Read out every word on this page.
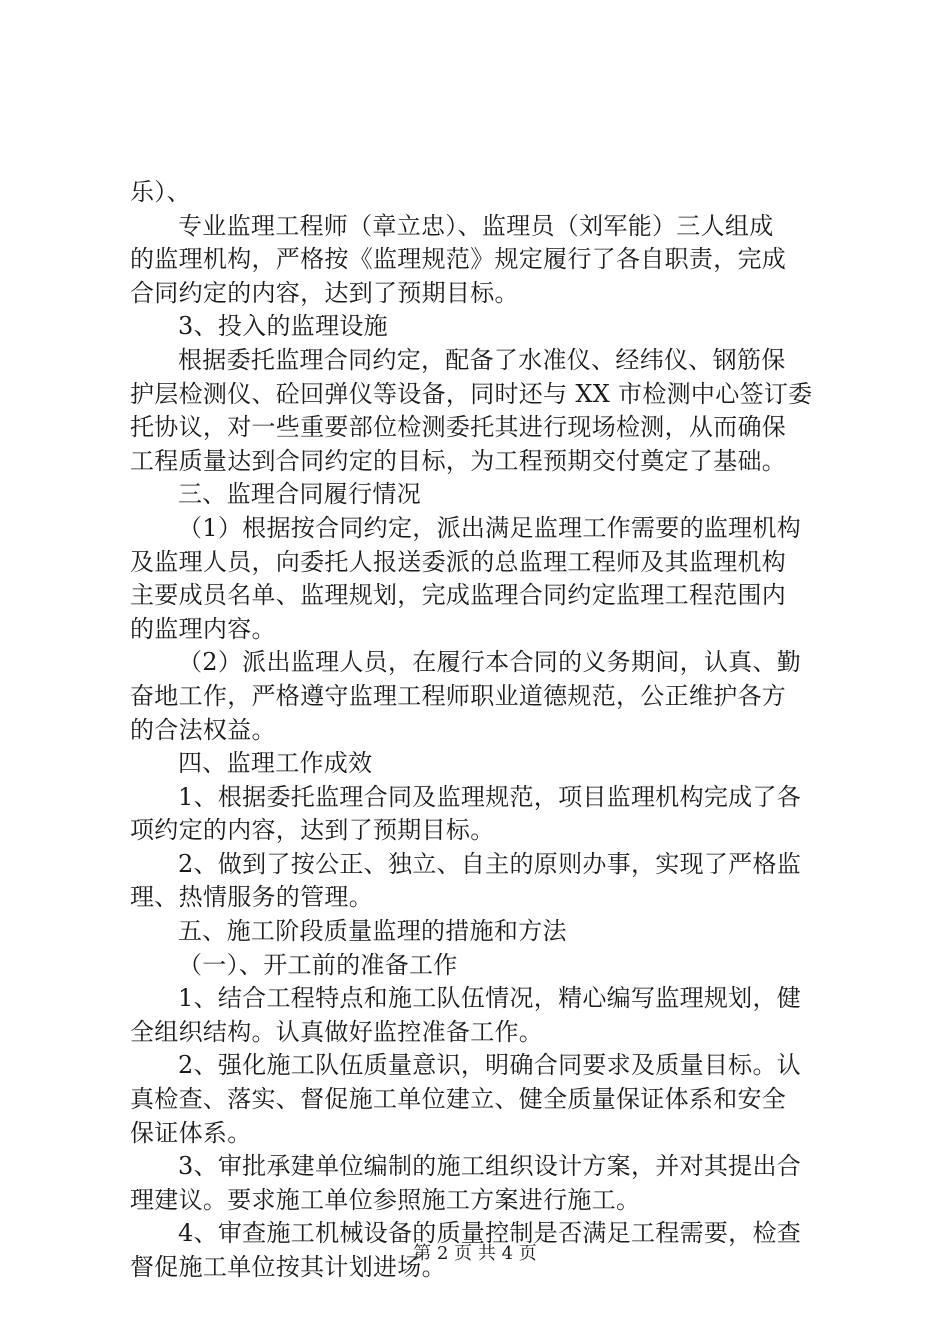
乐）、
专业监理工程师（章立忠）、监理员（刘军能）三人组成
的监理机构，严格按《监理规范》规定履行了各自职责，完成
合同约定的内容，达到了预期目标。
3、投入的监理设施
根据委托监理合同约定，配备了水准仪、经纬仪、钢筋保
护层检测仪、砼回弹仪等设备，同时还与 XX 市检测中心签订委
托协议，对一些重要部位检测委托其进行现场检测，从而确保
工程质量达到合同约定的目标，为工程预期交付奠定了基础。
三、监理合同履行情况
（1）根据按合同约定，派出满足监理工作需要的监理机构
及监理人员，向委托人报送委派的总监理工程师及其监理机构
主要成员名单、监理规划，完成监理合同约定监理工程范围内
的监理内容。
（2）派出监理人员，在履行本合同的义务期间，认真、勤
奋地工作，严格遵守监理工程师职业道德规范，公正维护各方
的合法权益。
四、监理工作成效
1、根据委托监理合同及监理规范，项目监理机构完成了各
项约定的内容，达到了预期目标。
2、做到了按公正、独立、自主的原则办事，实现了严格监
理、热情服务的管理。
五、施工阶段质量监理的措施和方法
（一）、开工前的准备工作
1、结合工程特点和施工队伍情况，精心编写监理规划，健
全组织结构。认真做好监控准备工作。
2、强化施工队伍质量意识，明确合同要求及质量目标。认
真检查、落实、督促施工单位建立、健全质量保证体系和安全
保证体系。
3、审批承建单位编制的施工组织设计方案，并对其提出合
理建议。要求施工单位参照施工方案进行施工。
4、审查施工机械设备的质量控制是否满足工程需要，检查
督促施工单位按其计划进场。
第 2 页 共 4 页
